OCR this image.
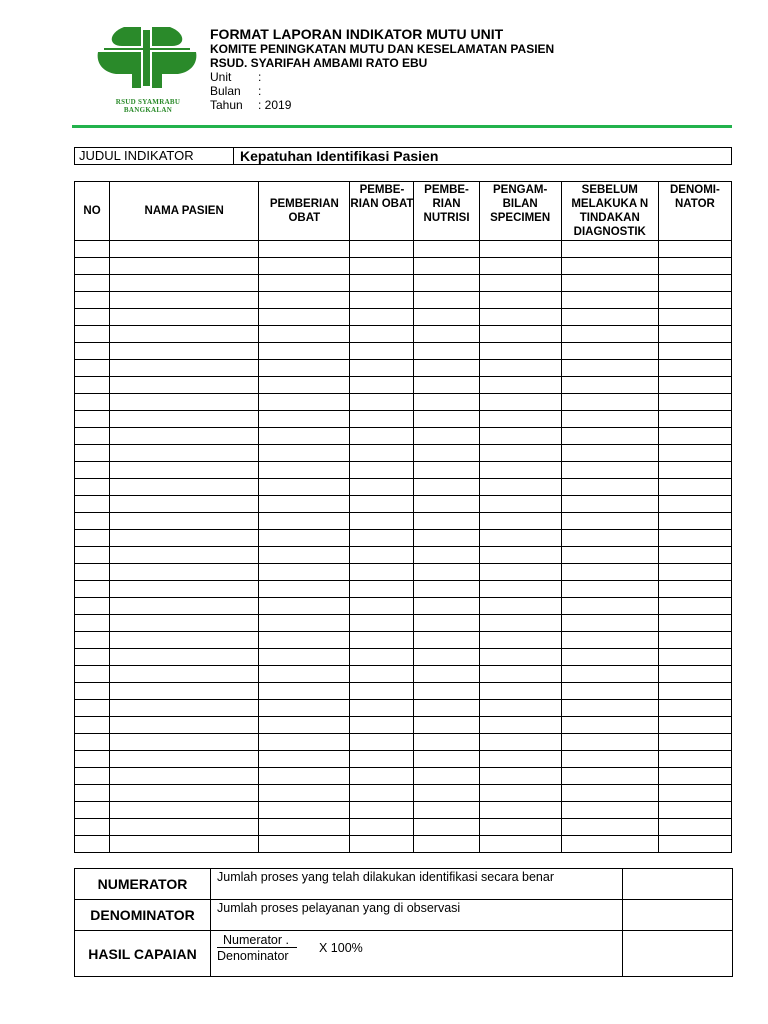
RSUD SYAMRABU
BANGKALAN
FORMAT LAPORAN INDIKATOR MUTU UNIT
KOMITE PENINGKATAN MUTU DAN KESELAMATAN PASIEN
RSUD. SYARIFAH AMBAMI RATO EBU
Unit	:
Bulan	:
Tahun	: 2019
JUDUL INDIKATOR	Kepatuhan Identifikasi Pasien
NO	NAMA PASIEN	PEMBERIAN OBAT	PEMBE-RIAN OBAT	PEMBE-RIAN NUTRISI	PENGAM-BILAN SPECIMEN	SEBELUM MELAKUKA N TINDAKAN DIAGNOSTIK	DENOMI-NATOR

NUMERATOR	Jumlah proses yang telah dilakukan identifikasi secara benar	
DENOMINATOR	Jumlah proses pelayanan yang di observasi	
HASIL CAPAIAN	Numerator .
Denominator
X 100%	
